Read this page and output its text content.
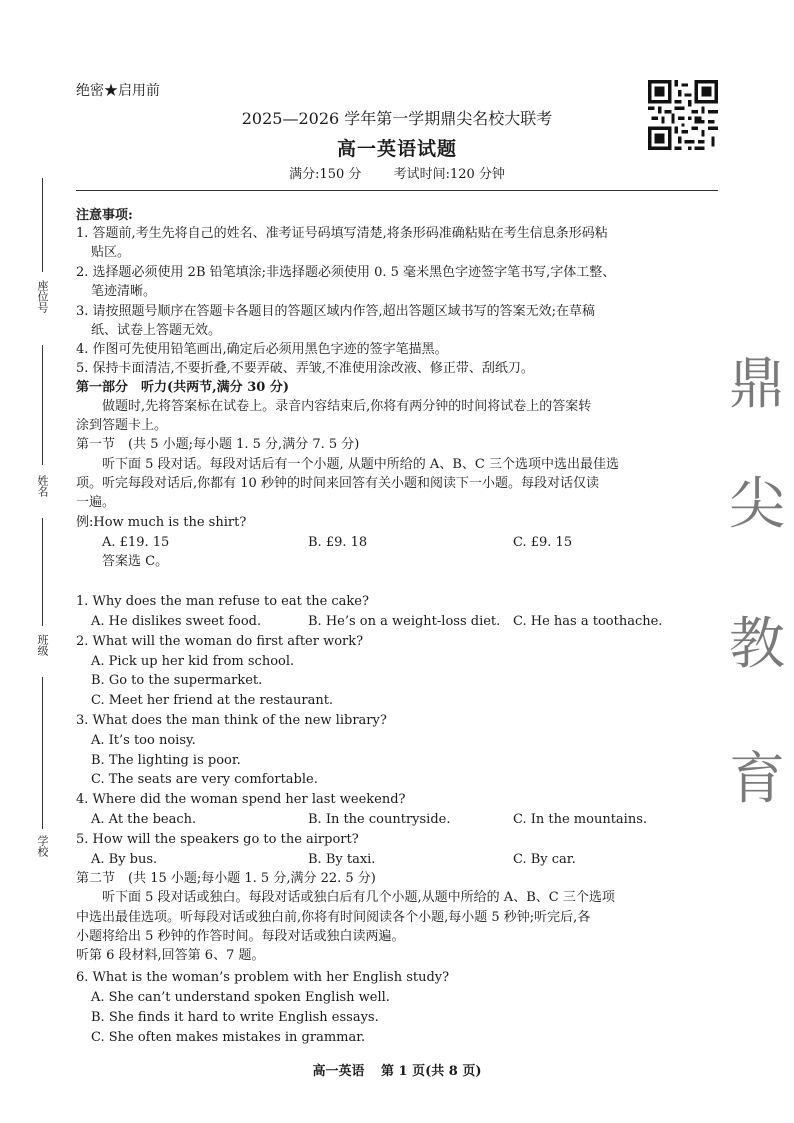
绝密★启用前
2025—2026 学年第一学期鼎尖名校大联考
高一英语试题
满分:150 分 考试时间:120 分钟
座位号
姓名
班级
学校
鼎
尖
教
育
注意事项:
1. 答题前,考生先将自己的姓名、准考证号码填写清楚,将条形码准确粘贴在考生信息条形码粘
贴区。
2. 选择题必须使用 2B 铅笔填涂;非选择题必须使用 0. 5 毫米黑色字迹签字笔书写,字体工整、
笔迹清晰。
3. 请按照题号顺序在答题卡各题目的答题区域内作答,超出答题区域书写的答案无效;在草稿
纸、试卷上答题无效。
4. 作图可先使用铅笔画出,确定后必须用黑色字迹的签字笔描黑。
5. 保持卡面清洁,不要折叠,不要弄破、弄皱,不准使用涂改液、修正带、刮纸刀。
第一部分　听力(共两节,满分 30 分)
做题时,先将答案标在试卷上。录音内容结束后,你将有两分钟的时间将试卷上的答案转
涂到答题卡上。
第一节　(共 5 小题;每小题 1. 5 分,满分 7. 5 分)
听下面 5 段对话。每段对话后有一个小题, 从题中所给的 A、B、C 三个选项中选出最佳选
项。听完每段对话后,你都有 10 秒钟的时间来回答有关小题和阅读下一小题。每段对话仅读
一遍。
例:How much is the shirt?
A. £19. 15	B. £9. 18	C. £9. 15
答案选 C。
1. Why does the man refuse to eat the cake?
A. He dislikes sweet food.	B. He’s on a weight-loss diet. C. He has a toothache.
2. What will the woman do first after work?
A. Pick up her kid from school.
B. Go to the supermarket.
C. Meet her friend at the restaurant.
3. What does the man think of the new library?
A. It’s too noisy.
B. The lighting is poor.
C. The seats are very comfortable.
4. Where did the woman spend her last weekend?
A. At the beach.	B. In the countryside.	C. In the mountains.
5. How will the speakers go to the airport?
A. By bus.	B. By taxi.	C. By car.
第二节　(共 15 小题;每小题 1. 5 分,满分 22. 5 分)
听下面 5 段对话或独白。每段对话或独白后有几个小题,从题中所给的 A、B、C 三个选项
中选出最佳选项。听每段对话或独白前,你将有时间阅读各个小题,每小题 5 秒钟;听完后,各
小题将给出 5 秒钟的作答时间。每段对话或独白读两遍。
听第 6 段材料,回答第 6、7 题。
6. What is the woman’s problem with her English study?
A. She can’t understand spoken English well.
B. She finds it hard to write English essays.
C. She often makes mistakes in grammar.
高一英语 第 1 页(共 8 页)
